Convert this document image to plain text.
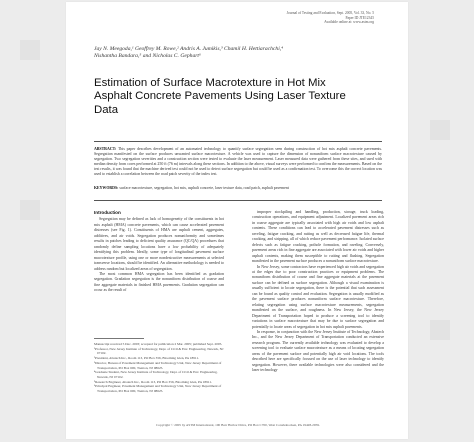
Journal of Testing and Evaluation, Sept. 2005, Vol. 33, No. 5
Paper ID JTE12345
Available online at: www.astm.org
Jay N. Meegoda,¹ Geoffrey M. Rowe,² Andris A. Jumikis,³ Chamil H. Hettiarachchi,⁴
Nishantha Bandara,⁵ and Nicholas C. Gephart⁶
Estimation of Surface Macrotexture in Hot Mix Asphalt Concrete Pavements Using Laser Texture Data
ABSTRACT: This paper describes development of an automated technology to quantify surface segregation seen during construction of hot mix asphalt concrete pavements. Segregation manifested on the surface produces unwanted surface macrotexture. A vehicle was used to capture the dimension of nonuniform surface macrotexture caused by segregation. Two segregation severities and a construction section were tested to evaluate the laser measurement. Laser measured data were gathered from these sites, and used with median density from cores performed at 250 ft (76 m) intervals along these sections. In addition to the above, visual surveys were performed to confirm the measurements. Based on the test results, it was found that the machine derived test could not be used to detect surface segregation but could be used as a confirmation test. To overcome this the correct location was used to establish a correlation between the road patch severity of the index test.
KEYWORDS: surface macrotexture, segregation, hot mix, asphalt concrete, laser texture data, road patch, asphalt pavement
Introduction

Segregation may be defined as lack of homogeneity of the constituents in hot mix asphalt (HMA) concrete pavements, which can cause accelerated pavement distresses (see Fig. 1). Constituents of HMA are asphalt cement, aggregates, additives, and air voids. Segregation produces nonuniformity and sometimes results in patches leading to deficient quality assurance (QC/QA) procedures that randomly define sampling locations have a low probability of adequately identifying this problem. Ideally, some type of longitudinal pavement surface macrotexture profile, using one or more nondestructive measurements at selected transverse locations, should be identified. An alternative methodology is needed to address random but localized areas of segregation.

The most common HMA segregation has been identified as gradation segregation. Gradation segregation is the nonuniform distribution of coarse and fine aggregate materials in finished HMA pavements. Gradation segregation can occur as the result of

Manuscript received 5 Dec. 2003; accepted for publication 2 Mar. 2005; published Sept. 2005.
¹Professor, New Jersey Institute of Technology, Dept. of Civil & Env. Engineering, Newark, NJ 07102.
²President, Abatech Inc., Room 113, PO Box 356, Blooming Glen, PA 18911.
³Director, Bureau of Pavement Management and Technology Unit, New Jersey Department of Transportation, PO Box 600, Trenton, NJ 08625.
⁴Graduate Student, New Jersey Institute of Technology, Dept. of Civil & Env. Engineering, Newark, NJ 07102.
⁵Research Engineer, Abatech Inc., Room 113, PO Box 356, Blooming Glen, PA 18911.
⁶Principal Engineer, Pavement Management and Technology Unit, New Jersey Department of Transportation, PO Box 600, Trenton, NJ 08625.

improper stockpiling and handling, production, storage, truck loading, construction operations, and equipment adjustment. Localized pavement areas rich in coarse aggregate are typically associated with high air voids and low asphalt contents. These conditions can lead to accelerated pavement distresses such as raveling, fatigue cracking, and rutting as well as decreased fatigue life, thermal cracking, and stripping, all of which reduce pavement performance. Isolated surface defects such as fatigue cracking, pothole formation, and raveling. Conversely, pavement areas rich in fine aggregate are associated with lower air voids and higher asphalt contents, making them susceptible to rutting and flushing. Segregation manifested in the pavement surface produces a nonuniform surface macrotexture.

In New Jersey, some contractors have experienced high air voids and segregation at the edges due to poor construction practices or equipment problems. The nonuniform distribution of coarse and fine aggregate materials at the pavement surface can be defined as surface segregation. Although a visual examination is usually sufficient to locate segregation, there is the potential that such assessment can be found as quality control and evaluation. Segregation is usually modified as the pavement surface produces nonuniform surface macrotexture. Therefore, relating segregation using surface macrotexture measurements, segregation manifested on the surface, and roughness. In New Jersey, the New Jersey Department of Transportation hoped to produce a screening tool to identify variations in surface macrotexture that may be due to surface segregation and potentially to locate areas of segregation in hot mix asphalt pavements.

In response, in conjunction with the New Jersey Institute of Technology, Abatech Inc., and the New Jersey Department of Transportation conducted an extensive research program. The currently available technology was evaluated to develop a screening tool to evaluate surface macrotexture as a means of locating segregation areas of the pavement surface and potentially high air void locations. The tools described here are specifically focused on the use of laser technology to identify segregation. However, there available technologies were also considered and the laser technology

Copyright © 2005 by ASTM International, 100 Barr Harbor Drive, PO Box C700, West Conshohocken, PA 19428-2959.
